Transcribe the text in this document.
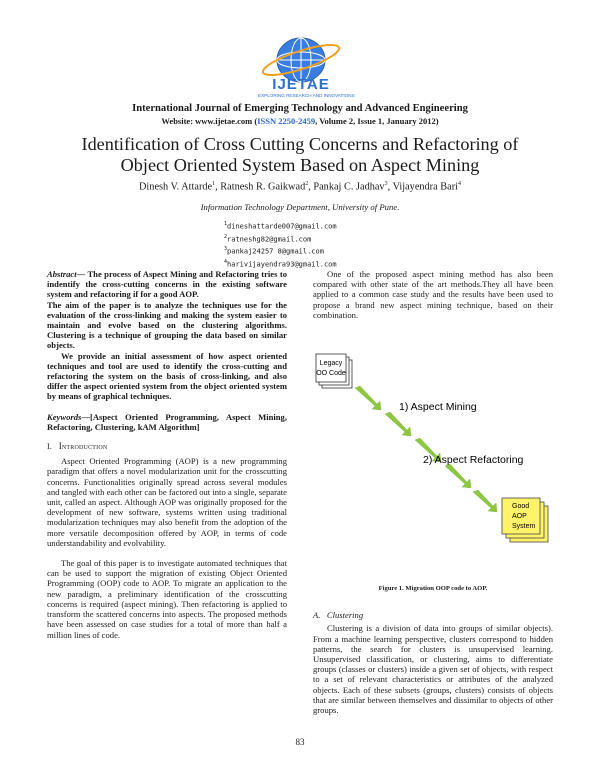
IJETAE
EXPLORING RESEARCH AND INNOVATIONS
International Journal of Emerging Technology and Advanced Engineering
Website: www.ijetae.com (ISSN 2250-2459, Volume 2, Issue 1, January 2012)
Identification of Cross Cutting Concerns and Refactoring of
Object Oriented System Based on Aspect Mining
Dinesh V. Attarde$^1$, Ratnesh R. Gaikwad$^2$, Pankaj C. Jadhav$^3$, Vijayendra Bari$^4$
Information Technology Department, University of Pune.
$^1$dineshattarde007@gmail.com
$^2$ratneshg82@gmail.com
$^3$pankaj24257 8@gmail.com
$^4$harivijayendra93@gmail.com

Abstract— The process of Aspect Mining and Refactoring tries to indentify the cross-cutting concerns in the existing software system and refactoring if for a good AOP.

The aim of the paper is to analyze the techniques use for the evaluation of the cross-linking and making the system easier to maintain and evolve based on the clustering algorithms. Clustering is a technique of grouping the data based on similar objects.

We provide an initial assessment of how aspect oriented techniques and tool are used to identify the cross-cutting and refactoring the system on the basis of cross-linking, and also differ the aspect oriented system from the object oriented system by means of graphical techniques.

Keywords—[Aspect Oriented Programming, Aspect Mining, Refactoring, Clustering, kAM Algorithm]

I. Introduction

Aspect Oriented Programming (AOP) is a new programming paradigm that offers a novel modularization unit for the crosscutting concerns. Functionalities originally spread across several modules and tangled with each other can be factored out into a single, separate unit, called an aspect. Although AOP was originally proposed for the development of new software, systems written using traditional modularization techniques may also benefit from the adoption of the more versatile decomposition offered by AOP, in terms of code understandability and evolvability.

The goal of this paper is to investigate automated techniques that can be used to support the migration of existing Object Oriented Programming (OOP) code to AOP. To migrate an application to the new paradigm, a preliminary identification of the crosscutting concerns is required (aspect mining). Then refactoring is applied to transform the scattered concerns into aspects. The proposed methods have been assessed on case studies for a total of more than half a million lines of code.

One of the proposed aspect mining method has also been compared with other state of the art methods.They all have been applied to a common case study and the results have been used to propose a brand new aspect mining technique, based on their combination.

Legacy
OO Code
1) Aspect Mining
2) Aspect Refactoring
Good
AOP
System

Figure 1. Migration OOP code to AOP.

A. Clustering

Clustering is a division of data into groups of similar objects). From a machine learning perspective, clusters correspond to hidden patterns, the search for clusters is unsupervised learning. Unsupervised classification, or clustering, aims to differentiate groups (classes or clusters) inside a given set of objects, with respect to a set of relevant characteristics or attributes of the analyzed objects. Each of these subsets (groups, clusters) consists of objects that are similar between themselves and dissimilar to objects of other groups.

83
